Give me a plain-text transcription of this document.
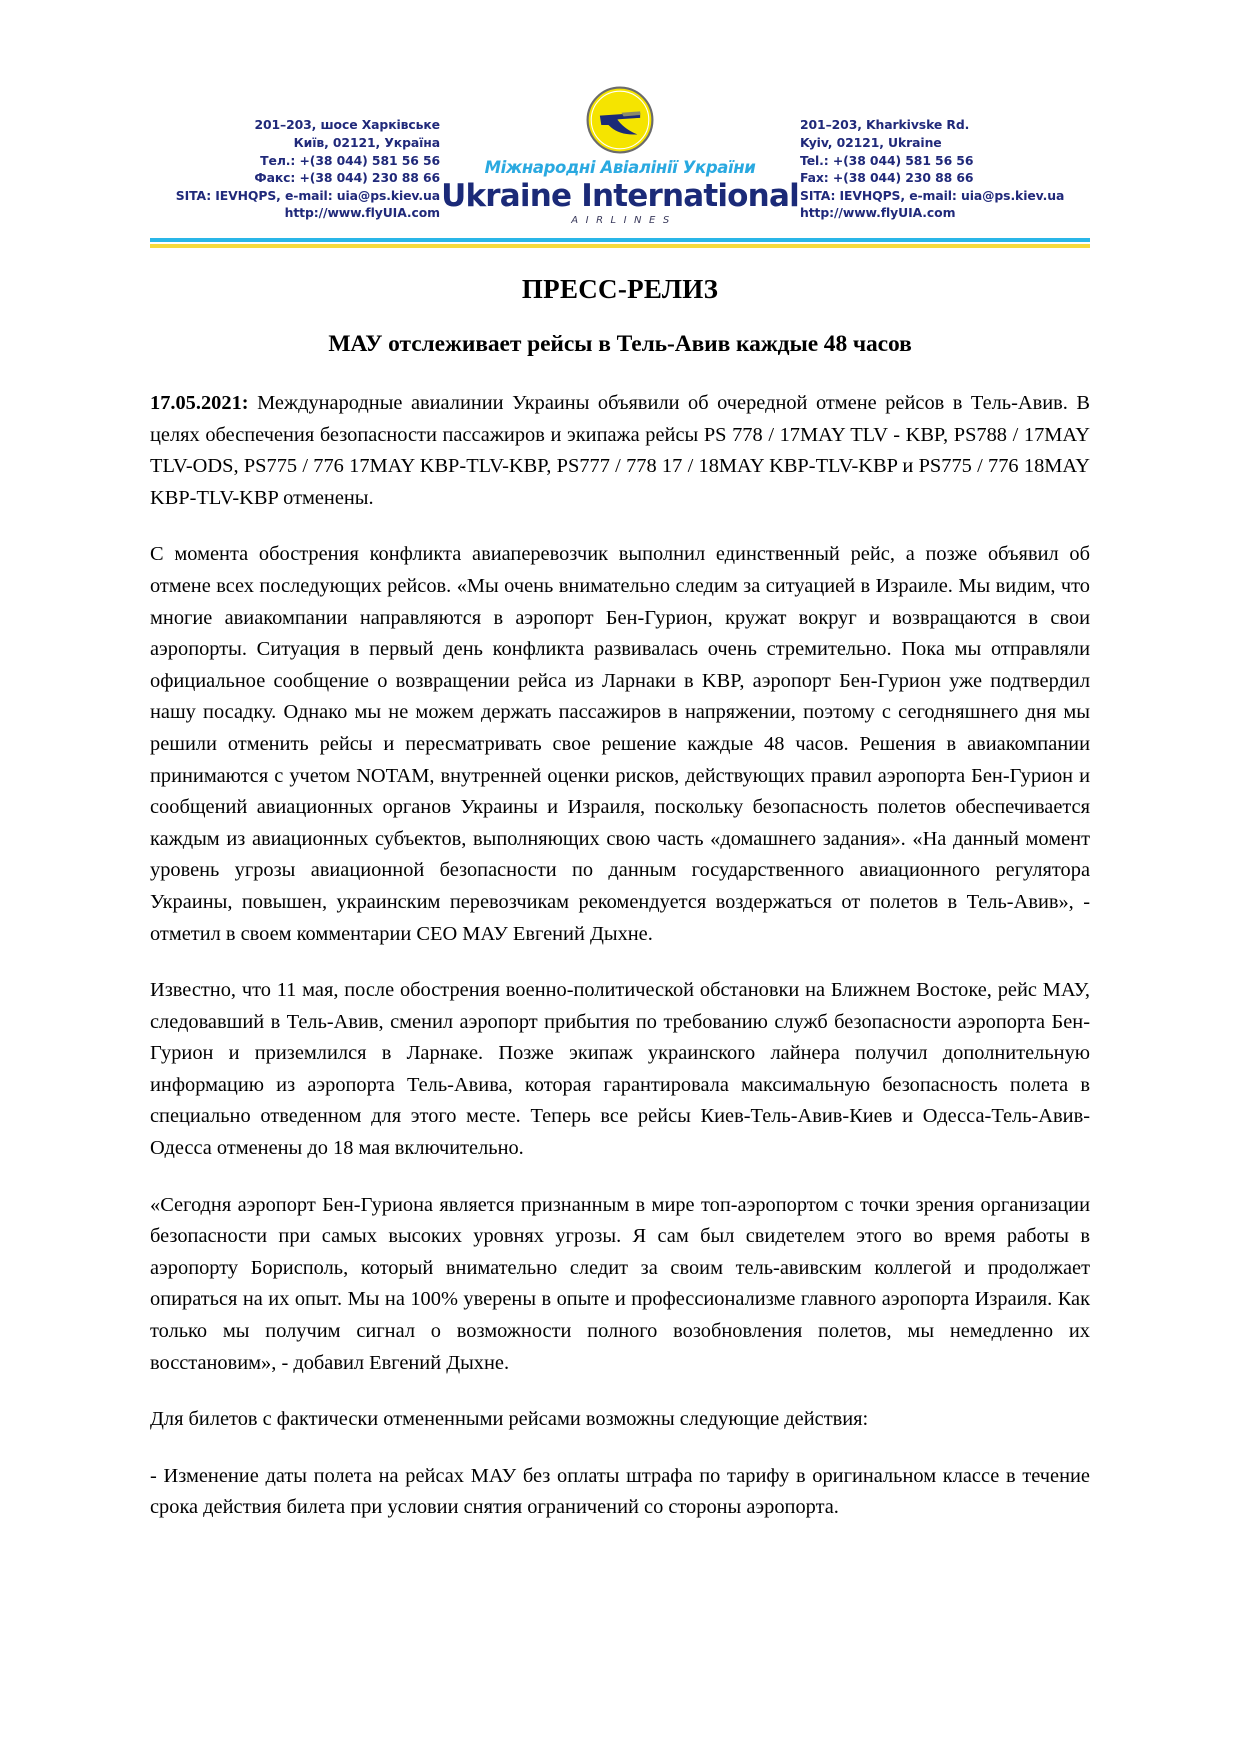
201–203, шосе Харківське
Київ, 02121, Україна
Тел.: +(38 044) 581 56 56
Факс: +(38 044) 230 88 66
SITA: IEVHQPS, e-mail: uia@ps.kiev.ua
http://www.flyUIA.com
Міжнародні Авіалінії України
Ukraine International
AIRLINES
201–203, Kharkivske Rd.
Kyiv, 02121, Ukraine
Tel.: +(38 044) 581 56 56
Fax: +(38 044) 230 88 66
SITA: IEVHQPS, e-mail: uia@ps.kiev.ua
http://www.flyUIA.com
ПРЕСС-РЕЛИЗ
МАУ отслеживает рейсы в Тель-Авив каждые 48 часов

17.05.2021: Международные авиалинии Украины объявили об очередной отмене рейсов в Тель-Авив. В целях обеспечения безопасности пассажиров и экипажа рейсы PS 778 / 17MAY TLV - KBP, PS788 / 17MAY TLV-ODS, PS775 / 776 17MAY KBP-TLV-KBP, PS777 / 778 17 / 18MAY KBP-TLV-KBP и PS775 / 776 18MAY KBP-TLV-KBP отменены.

С момента обострения конфликта авиаперевозчик выполнил единственный рейс, а позже объявил об отмене всех последующих рейсов. «Мы очень внимательно следим за ситуацией в Израиле. Мы видим, что многие авиакомпании направляются в аэропорт Бен-Гурион, кружат вокруг и возвращаются в свои аэропорты. Ситуация в первый день конфликта развивалась очень стремительно. Пока мы отправляли официальное сообщение о возвращении рейса из Ларнаки в KBP, аэропорт Бен-Гурион уже подтвердил нашу посадку. Однако мы не можем держать пассажиров в напряжении, поэтому с сегодняшнего дня мы решили отменить рейсы и пересматривать свое решение каждые 48 часов. Решения в авиакомпании принимаются с учетом NOTAM, внутренней оценки рисков, действующих правил аэропорта Бен-Гурион и сообщений авиационных органов Украины и Израиля, поскольку безопасность полетов обеспечивается каждым из авиационных субъектов, выполняющих свою часть «домашнего задания». «На данный момент уровень угрозы авиационной безопасности по данным государственного авиационного регулятора Украины, повышен, украинским перевозчикам рекомендуется воздержаться от полетов в Тель-Авив», - отметил в своем комментарии СЕО МАУ Евгений Дыхне.

Известно, что 11 мая, после обострения военно-политической обстановки на Ближнем Востоке, рейс МАУ, следовавший в Тель-Авив, сменил аэропорт прибытия по требованию служб безопасности аэропорта Бен-Гурион и приземлился в Ларнаке. Позже экипаж украинского лайнера получил дополнительную информацию из аэропорта Тель-Авива, которая гарантировала максимальную безопасность полета в специально отведенном для этого месте. Теперь все рейсы Киев-Тель-Авив-Киев и Одесса-Тель-Авив-Одесса отменены до 18 мая включительно.

«Сегодня аэропорт Бен-Гуриона является признанным в мире топ-аэропортом с точки зрения организации безопасности при самых высоких уровнях угрозы. Я сам был свидетелем этого во время работы в аэропорту Борисполь, который внимательно следит за своим тель-авивским коллегой и продолжает опираться на их опыт. Мы на 100% уверены в опыте и профессионализме главного аэропорта Израиля. Как только мы получим сигнал о возможности полного возобновления полетов, мы немедленно их восстановим», - добавил Евгений Дыхне.

Для билетов с фактически отмененными рейсами возможны следующие действия:

- Изменение даты полета на рейсах МАУ без оплаты штрафа по тарифу в оригинальном классе в течение срока действия билета при условии снятия ограничений со стороны аэропорта.
